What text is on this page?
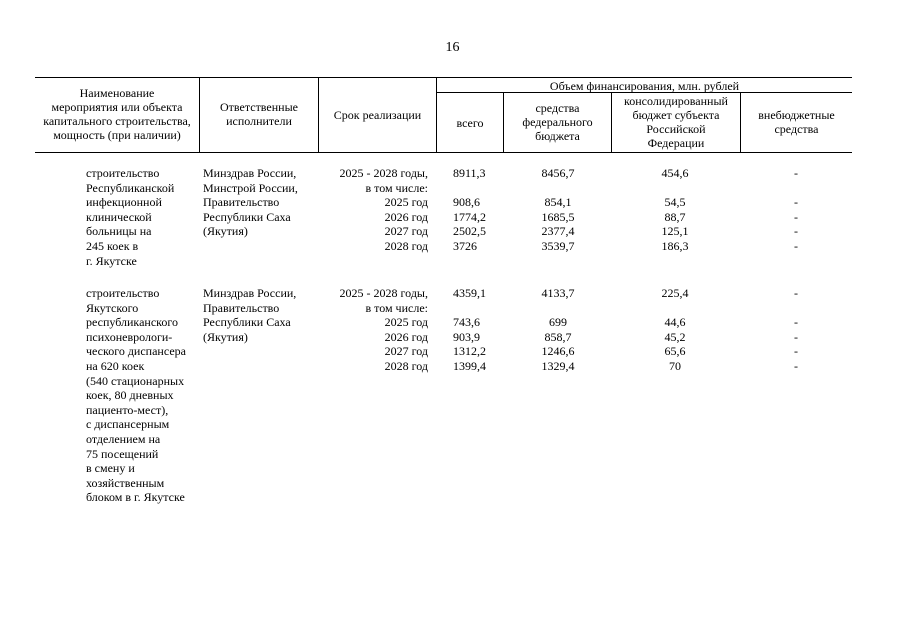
16
Наименование
мероприятия или объекта
капитального строительства,
мощность (при наличии)
Ответственные
исполнители	Срок реализации
Объем финансирования, млн. рублей
всего
средства
федерального
бюджета
консолидированный
бюджет субъекта
Российской
Федерации
внебюджетные
средства
строительство
Республиканской
инфекционной
клинической
больницы на
245 коек в
г. Якутске
Минздрав России,
Минстрой России,
Правительство
Республики Саха
(Якутия)
2025 - 2028 годы,
в том числе:
2025 год
2026 год
2027 год
2028 год
8911,3

908,6
1774,2
2502,5
3726
8456,7

854,1
1685,5
2377,4
3539,7
454,6

54,5
88,7
125,1
186,3
-

-
-
-
-
строительство
Якутского
республиканского
психоневрологи-
ческого диспансера
на 620 коек
(540 стационарных
коек, 80 дневных
пациенто-мест),
с диспансерным
отделением на
75 посещений
в смену и
хозяйственным
блоком в г. Якутске
Минздрав России,
Правительство
Республики Саха
(Якутия)
2025 - 2028 годы,
в том числе:
2025 год
2026 год
2027 год
2028 год
4359,1

743,6
903,9
1312,2
1399,4
4133,7

699
858,7
1246,6
1329,4
225,4

44,6
45,2
65,6
70
-

-
-
-
-
